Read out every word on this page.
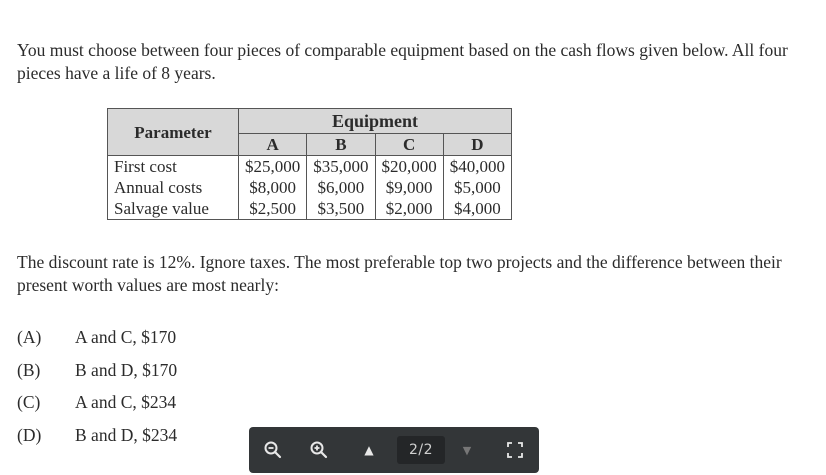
You must choose between four pieces of comparable equipment based on the cash flows given below. All four pieces have a life of 8 years.

Parameter	Equipment			
	A	B	C	D
First cost	$25,000	$35,000	$20,000	$40,000
Annual costs	$8,000	$6,000	$9,000	$5,000
Salvage value	$2,500	$3,500	$2,000	$4,000

The discount rate is 12%. Ignore taxes. The most preferable top two projects and the difference between their present worth values are most nearly:

(A)	A and C, $170
(B)	B and D, $170
(C)	A and C, $234
(D)	B and D, $234
▲	2/2	▼
